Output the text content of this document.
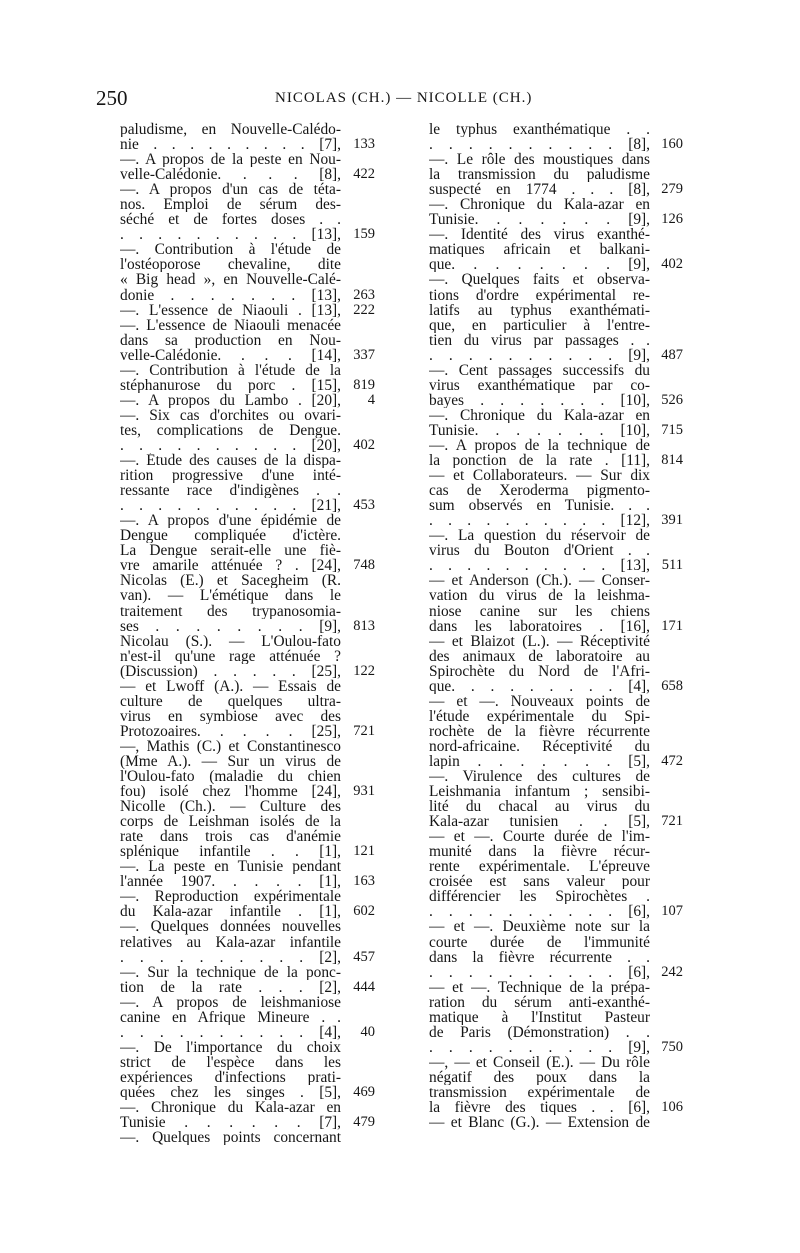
250	NICOLAS (CH.) — NICOLLE (CH.)
paludisme, en Nouvelle-Calédo-
nie . . . . . . . . . [7],
—. A propos de la peste en Nou-
velle-Calédonie. . . . [8],
—. A propos d'un cas de téta-
nos. Emploi de sérum des-
séché et de fortes doses . .
. . . . . . . . . . [13],
—. Contribution à l'étude de
l'ostéoporose chevaline, dite
« Big head », en Nouvelle-Calé-
donie . . . . . . . [13],
—. L'essence de Niaouli . [13],
—. L'essence de Niaouli menacée
dans sa production en Nou-
velle-Calédonie. . . . [14],
—. Contribution à l'étude de la
stéphanurose du porc . [15],
—. A propos du Lambo . [20],
—. Six cas d'orchites ou ovari-
tes, complications de Dengue.
. . . . . . . . . . [20],
—. Étude des causes de la dispa-
rition progressive d'une inté-
ressante race d'indigènes . .
. . . . . . . . . . [21],
—. A propos d'une épidémie de
Dengue compliquée d'ictère.
La Dengue serait-elle une fiè-
vre amarile atténuée ? . [24],
Nicolas (E.) et Sacegheim (R.
van). — L'émétique dans le
traitement des trypanosomia-
ses . . . . . . . . [9],
Nicolau (S.). — L'Oulou-fato
n'est-il qu'une rage atténuée ?
(Discussion) . . . . . [25],
— et Lwoff (A.). — Essais de
culture de quelques ultra-
virus en symbiose avec des
Protozoaires. . . . . [25],
—, Mathis (C.) et Constantinesco
(Mme A.). — Sur un virus de
l'Oulou-fato (maladie du chien
fou) isolé chez l'homme [24],
Nicolle (Ch.). — Culture des
corps de Leishman isolés de la
rate dans trois cas d'anémie
splénique infantile . . [1],
—. La peste en Tunisie pendant
l'année 1907. . . . . [1],
—. Reproduction expérimentale
du Kala-azar infantile . [1],
—. Quelques données nouvelles
relatives au Kala-azar infantile
. . . . . . . . . . [2],
—. Sur la technique de la ponc-
tion de la rate . . . [2],
—. A propos de leishmaniose
canine en Afrique Mineure . .
. . . . . . . . . . [4],
—. De l'importance du choix
strict de l'espèce dans les
expériences d'infections prati-
quées chez les singes . [5],
—. Chronique du Kala-azar en
Tunisie . . . . . . [7],
—. Quelques points concernant
133
422
159
263
222
337
819
4
402
453
748
813
122
721
931
121
163
602
457
444
40
469
479
le typhus exanthématique . .
. . . . . . . . . . [8],
—. Le rôle des moustiques dans
la transmission du paludisme
suspecté en 1774 . . . [8],
—. Chronique du Kala-azar en
Tunisie. . . . . . . [9],
—. Identité des virus exanthé-
matiques africain et balkani-
que. . . . . . . . [9],
—. Quelques faits et observa-
tions d'ordre expérimental re-
latifs au typhus exanthémati-
que, en particulier à l'entre-
tien du virus par passages . .
. . . . . . . . . . [9],
—. Cent passages successifs du
virus exanthématique par co-
bayes . . . . . . . [10],
—. Chronique du Kala-azar en
Tunisie. . . . . . . [10],
—. A propos de la technique de
la ponction de la rate . [11],
— et Collaborateurs. — Sur dix
cas de Xeroderma pigmento-
sum observés en Tunisie. . .
. . . . . . . . . . [12],
—. La question du réservoir de
virus du Bouton d'Orient . .
. . . . . . . . . . [13],
— et Anderson (Ch.). — Conser-
vation du virus de la leishma-
niose canine sur les chiens
dans les laboratoires . [16],
— et Blaizot (L.). — Réceptivité
des animaux de laboratoire au
Spirochète du Nord de l'Afri-
que. . . . . . . . . [4],
— et —. Nouveaux points de
l'étude expérimentale du Spi-
rochète de la fièvre récurrente
nord-africaine. Réceptivité du
lapin . . . . . . . [5],
—. Virulence des cultures de
Leishmania infantum ; sensibi-
lité du chacal au virus du
Kala-azar tunisien . . [5],
— et —. Courte durée de l'im-
munité dans la fièvre récur-
rente expérimentale. L'épreuve
croisée est sans valeur pour
différencier les Spirochètes .
. . . . . . . . . . [6],
— et —. Deuxième note sur la
courte durée de l'immunité
dans la fièvre récurrente . .
. . . . . . . . . . [6],
— et —. Technique de la prépa-
ration du sérum anti-exanthé-
matique à l'Institut Pasteur
de Paris (Démonstration) . .
. . . . . . . . . . [9],
—, — et Conseil (E.). — Du rôle
négatif des poux dans la
transmission expérimentale de
la fièvre des tiques . . [6],
— et Blanc (G.). — Extension de
160
279
126
402
487
526
715
814
391
511
171
658
472
721
107
242
750
106
